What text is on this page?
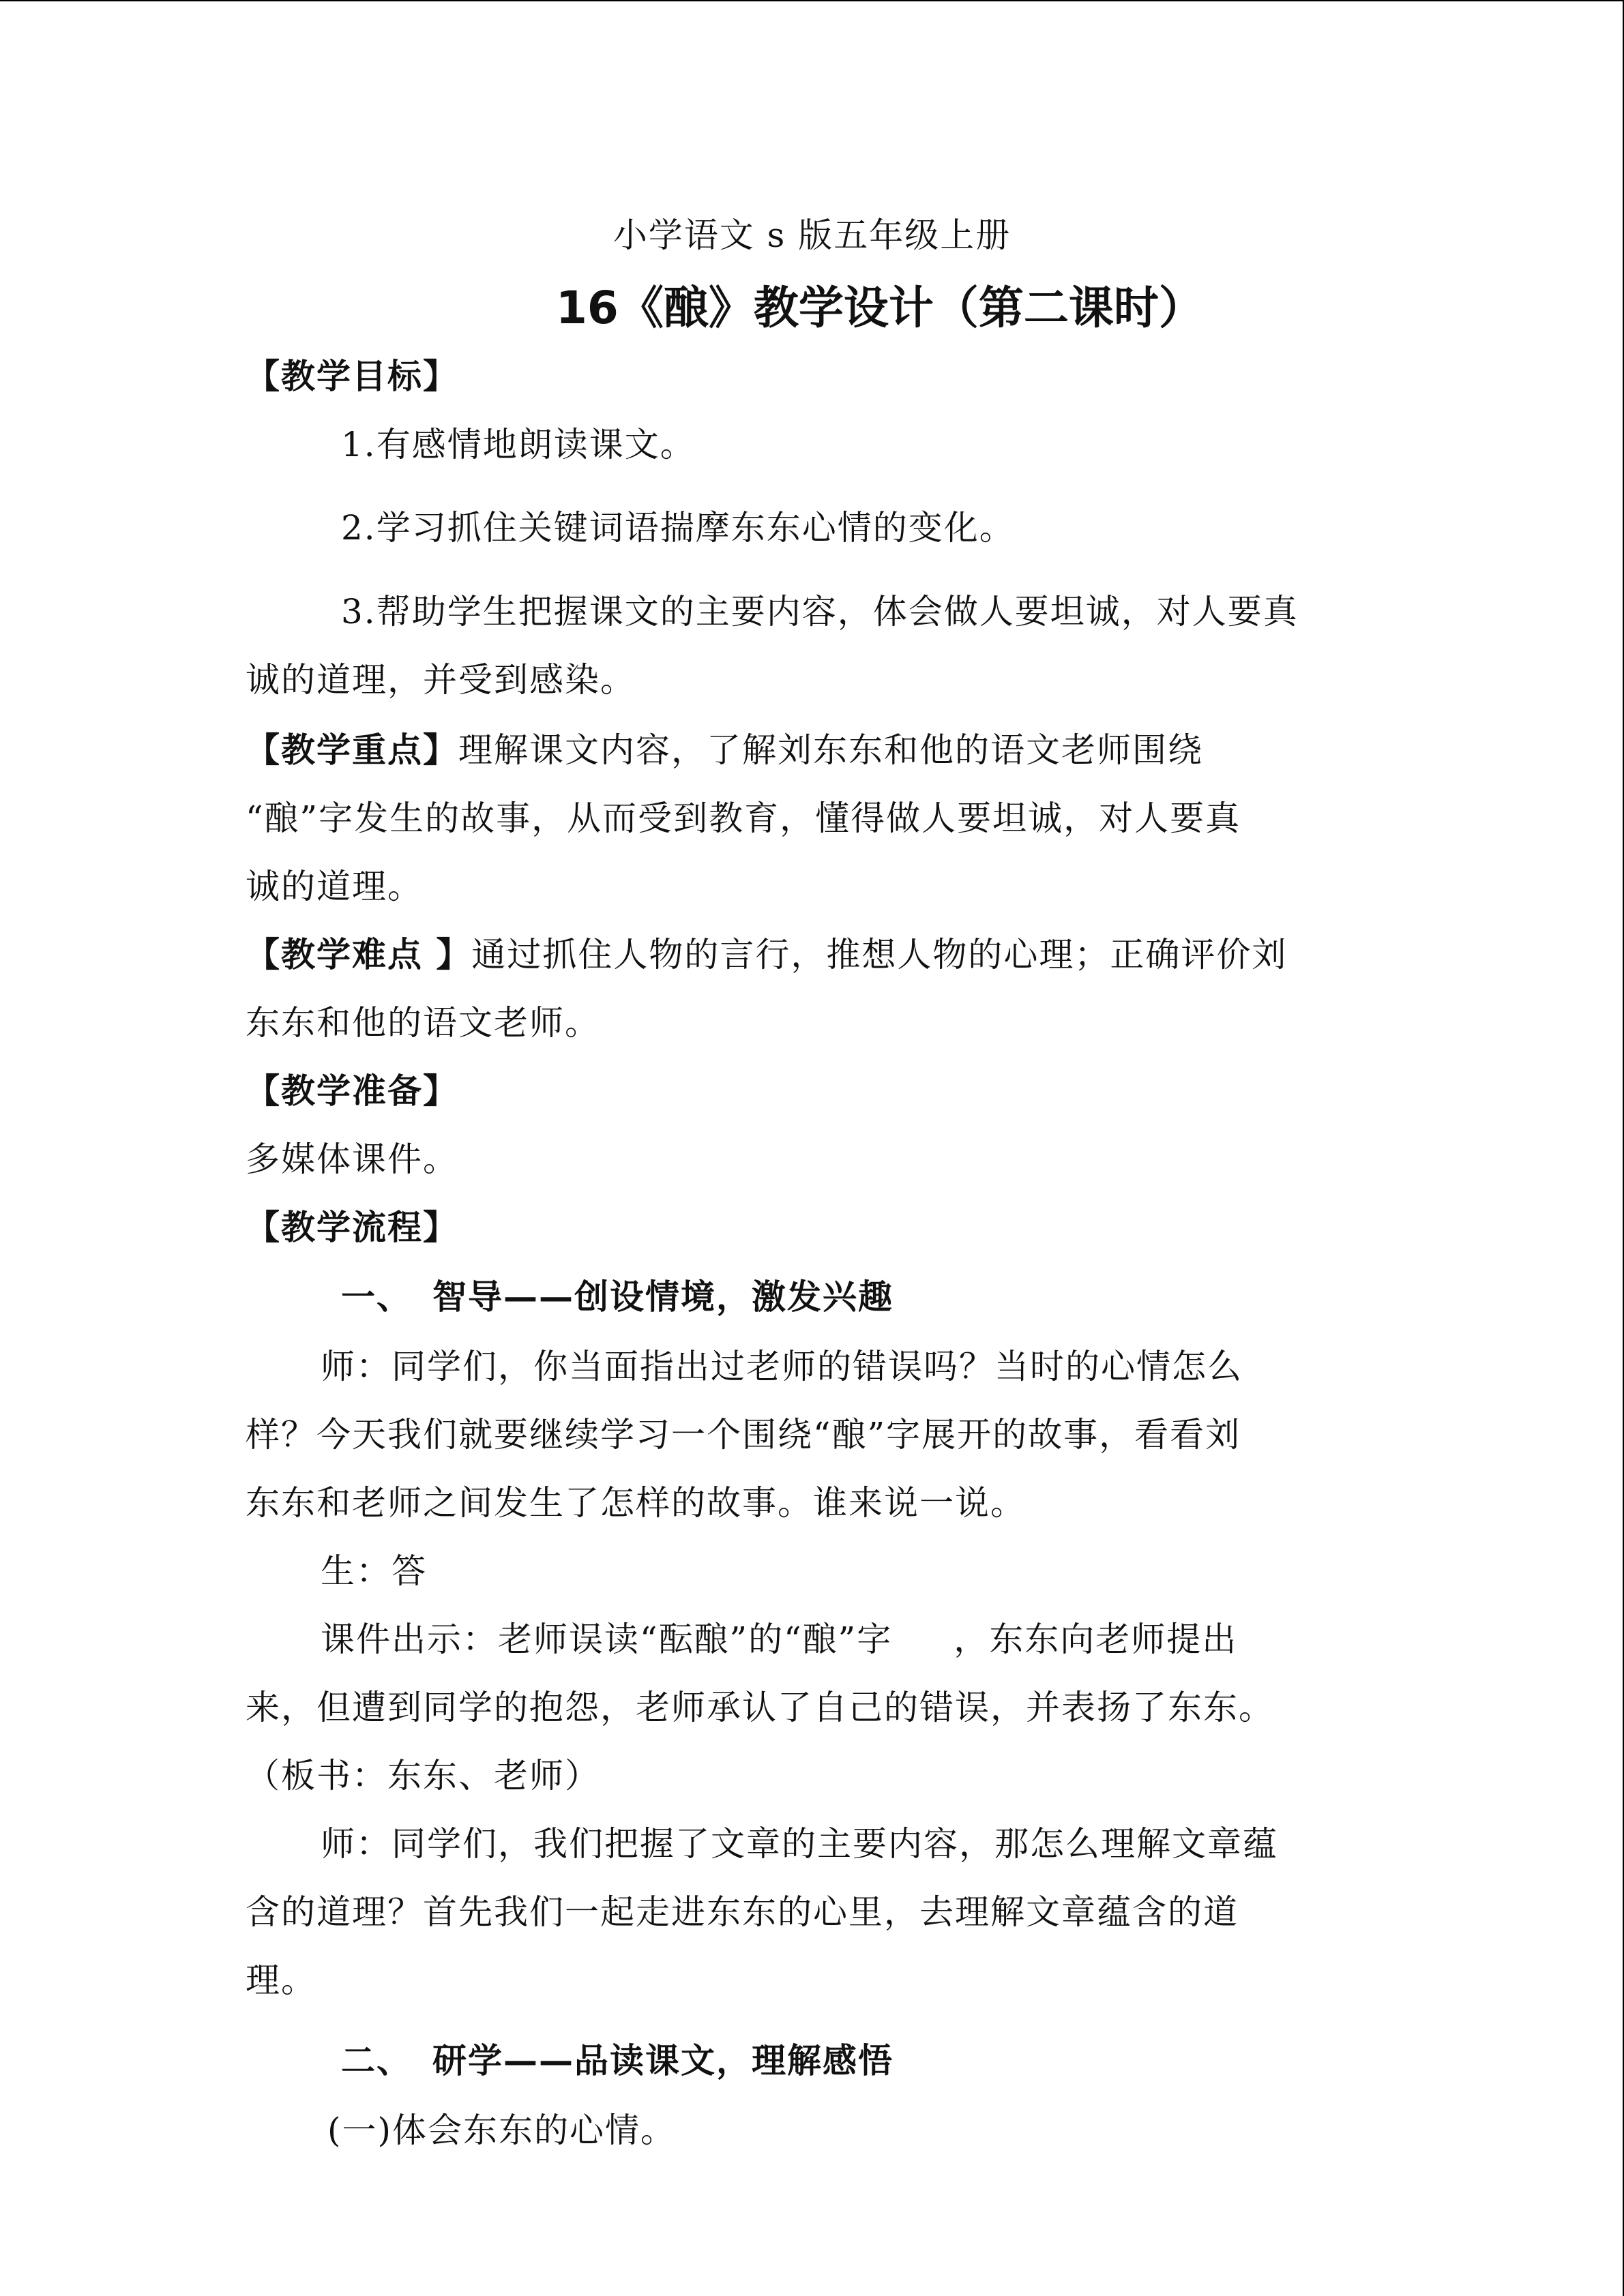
小学语文 s 版五年级上册
16《酿》教学设计（第二课时）
【教学目标】
1.有感情地朗读课文。
2.学习抓住关键词语揣摩东东心情的变化。
3.帮助学生把握课文的主要内容，体会做人要坦诚，对人要真
诚的道理，并受到感染。
【教学重点】理解课文内容，了解刘东东和他的语文老师围绕
“酿”字发生的故事，从而受到教育，懂得做人要坦诚，对人要真
诚的道理。
【教学难点 】通过抓住人物的言行，推想人物的心理；正确评价刘
东东和他的语文老师。
【教学准备】
多媒体课件。
【教学流程】
一、 智导——创设情境，激发兴趣
师：同学们，你当面指出过老师的错误吗？当时的心情怎么
样？今天我们就要继续学习一个围绕“酿”字展开的故事，看看刘
东东和老师之间发生了怎样的故事。谁来说一说。
生：答
课件出示：老师误读“酝酿”的“酿”字 ，东东向老师提出
来，但遭到同学的抱怨，老师承认了自己的错误，并表扬了东东。
（板书：东东、老师）
师：同学们，我们把握了文章的主要内容，那怎么理解文章蕴
含的道理？首先我们一起走进东东的心里，去理解文章蕴含的道
理。
二、 研学——品读课文，理解感悟
(一)体会东东的心情。
